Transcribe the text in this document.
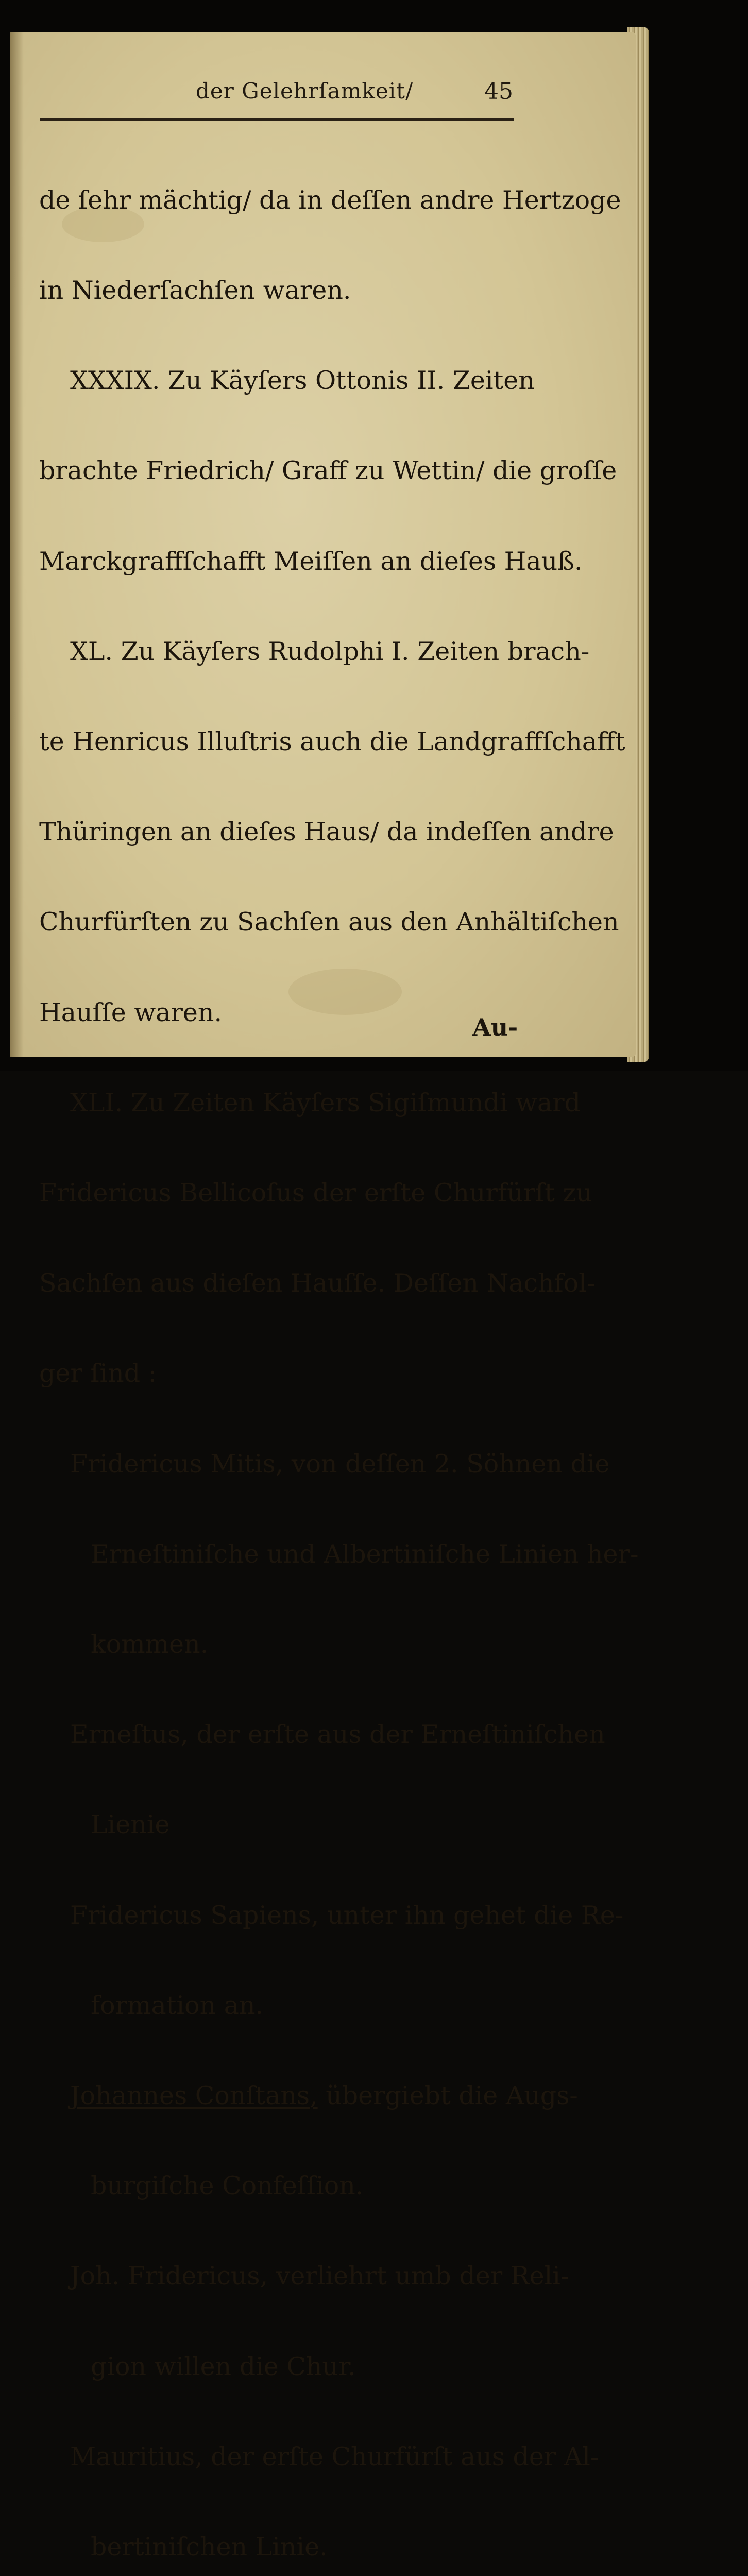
der Gelehrſamkeit/	45

de ſehr mächtig/ da in deſſen andre Hertzoge

in Niederſachſen waren.

XXXIX. Zu Käyſers Ottonis II. Zeiten

brachte Friedrich/ Graff zu Wettin/ die groſſe

Marckgraffſchafft Meiſſen an dieſes Hauß.

XL. Zu Käyſers Rudolphi I. Zeiten brach-

te Henricus Illuſtris auch die Landgraffſchafft

Thüringen an dieſes Haus/ da indeſſen andre

Churfürſten zu Sachſen aus den Anhältiſchen

Hauſſe waren.

XLI. Zu Zeiten Käyſers Sigiſmundi ward

Fridericus Bellicoſus der erſte Churfürſt zu

Sachſen aus dieſen Hauſſe. Deſſen Nachfol-

ger ſind :

Fridericus Mitis, von deſſen 2. Söhnen die

Erneſtiniſche und Albertiniſche Linien her-

kommen.

Erneſtus, der erſte aus der Erneſtiniſchen

Lienie

Fridericus Sapiens, unter ihn gehet die Re-

formation an.

Johannes Conſtans, übergiebt die Augs-

burgiſche Confeſſion.

Joh. Fridericus, verliehrt umb der Reli-

gion willen die Chur.

Mauritius, der erſte Churfürſt aus der Al-

bertiniſchen Linie.

Au-
